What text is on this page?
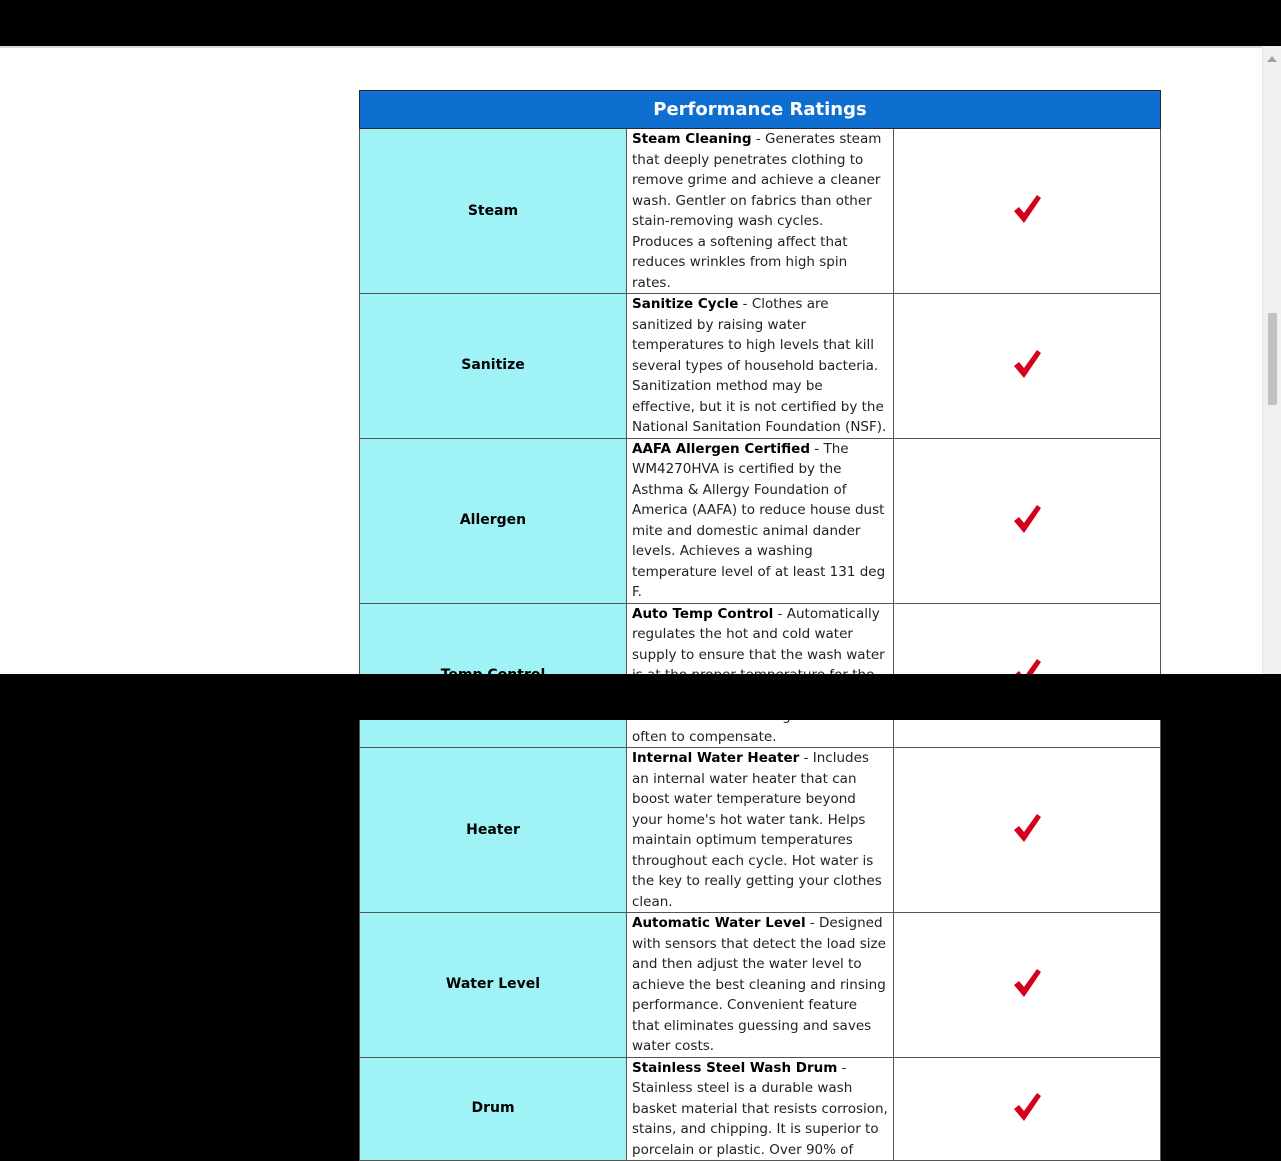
Performance Ratings		
Steam	Steam Cleaning - Generates steam that deeply penetrates clothing to remove grime and achieve a cleaner wash. Gentler on fabrics than other stain-removing wash cycles. Produces a softening affect that reduces wrinkles from high spin rates.	
Sanitize	Sanitize Cycle - Clothes are sanitized by raising water temperatures to high levels that kill several types of household bacteria. Sanitization method may be effective, but it is not certified by the National Sanitation Foundation (NSF).	
Allergen	AAFA Allergen Certified - The WM4270HVA is certified by the Asthma & Allergy Foundation of America (AAFA) to reduce house dust mite and domestic animal dander levels. Achieves a washing temperature level of at least 131 deg F.	
	Auto Temp Control - Automatically regulates the hot and cold water supply to ensure that the wash water often to compensate.	
Heater	Internal Water Heater - Includes an internal water heater that can boost water temperature beyond your home's hot water tank. Helps maintain optimum temperatures throughout each cycle. Hot water is the key to really getting your clothes clean.	
Water Level	Automatic Water Level - Designed with sensors that detect the load size and then adjust the water level to achieve the best cleaning and rinsing performance. Convenient feature that eliminates guessing and saves water costs.	
Drum	Stainless Steel Wash Drum - Stainless steel is a durable wash basket material that resists corrosion, stains, and chipping. It is superior to porcelain or plastic. Over 90% of	
